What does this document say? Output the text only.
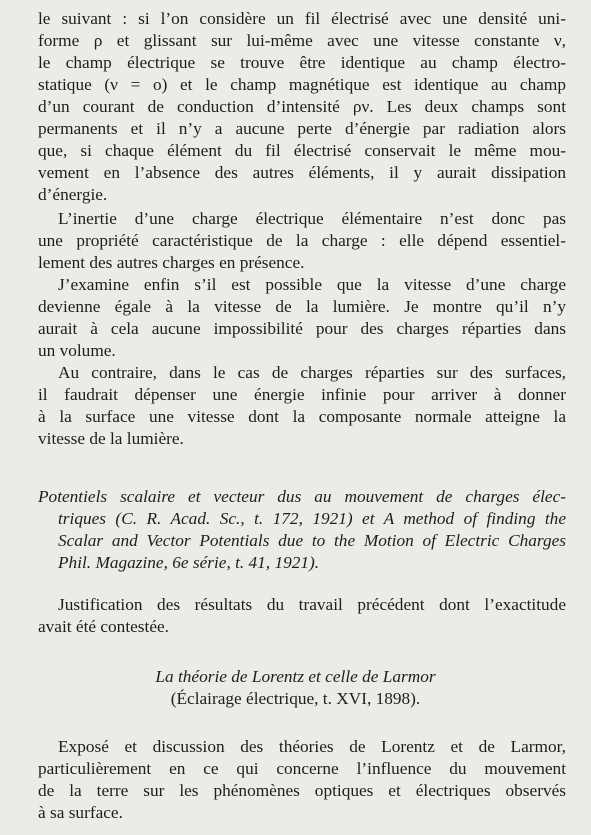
le suivant : si l’on considère un fil électrisé avec une densité uni-
forme ρ et glissant sur lui-même avec une vitesse constante ν,
le champ électrique se trouve être identique au champ électro-
statique (ν = o) et le champ magnétique est identique au champ
d’un courant de conduction d’intensité ρν. Les deux champs sont
permanents et il n’y a aucune perte d’énergie par radiation alors
que, si chaque élément du fil électrisé conservait le même mou-
vement en l’absence des autres éléments, il y aurait dissipation
d’énergie.
L’inertie d’une charge électrique élémentaire n’est donc pas
une propriété caractéristique de la charge : elle dépend essentiel-
lement des autres charges en présence.
J’examine enfin s’il est possible que la vitesse d’une charge
devienne égale à la vitesse de la lumière. Je montre qu’il n’y
aurait à cela aucune impossibilité pour des charges réparties dans
un volume.
Au contraire, dans le cas de charges réparties sur des surfaces,
il faudrait dépenser une énergie infinie pour arriver à donner
à la surface une vitesse dont la composante normale atteigne la
vitesse de la lumière.
Potentiels scalaire et vecteur dus au mouvement de charges élec-
triques (C. R. Acad. Sc., t. 172, 1921) et A method of finding the
Scalar and Vector Potentials due to the Motion of Electric Charges
Phil. Magazine, 6e série, t. 41, 1921).
Justification des résultats du travail précédent dont l’exactitude
avait été contestée.
La théorie de Lorentz et celle de Larmor
(Éclairage électrique, t. XVI, 1898).
Exposé et discussion des théories de Lorentz et de Larmor,
particulièrement en ce qui concerne l’influence du mouvement
de la terre sur les phénomènes optiques et électriques observés
à sa surface.
